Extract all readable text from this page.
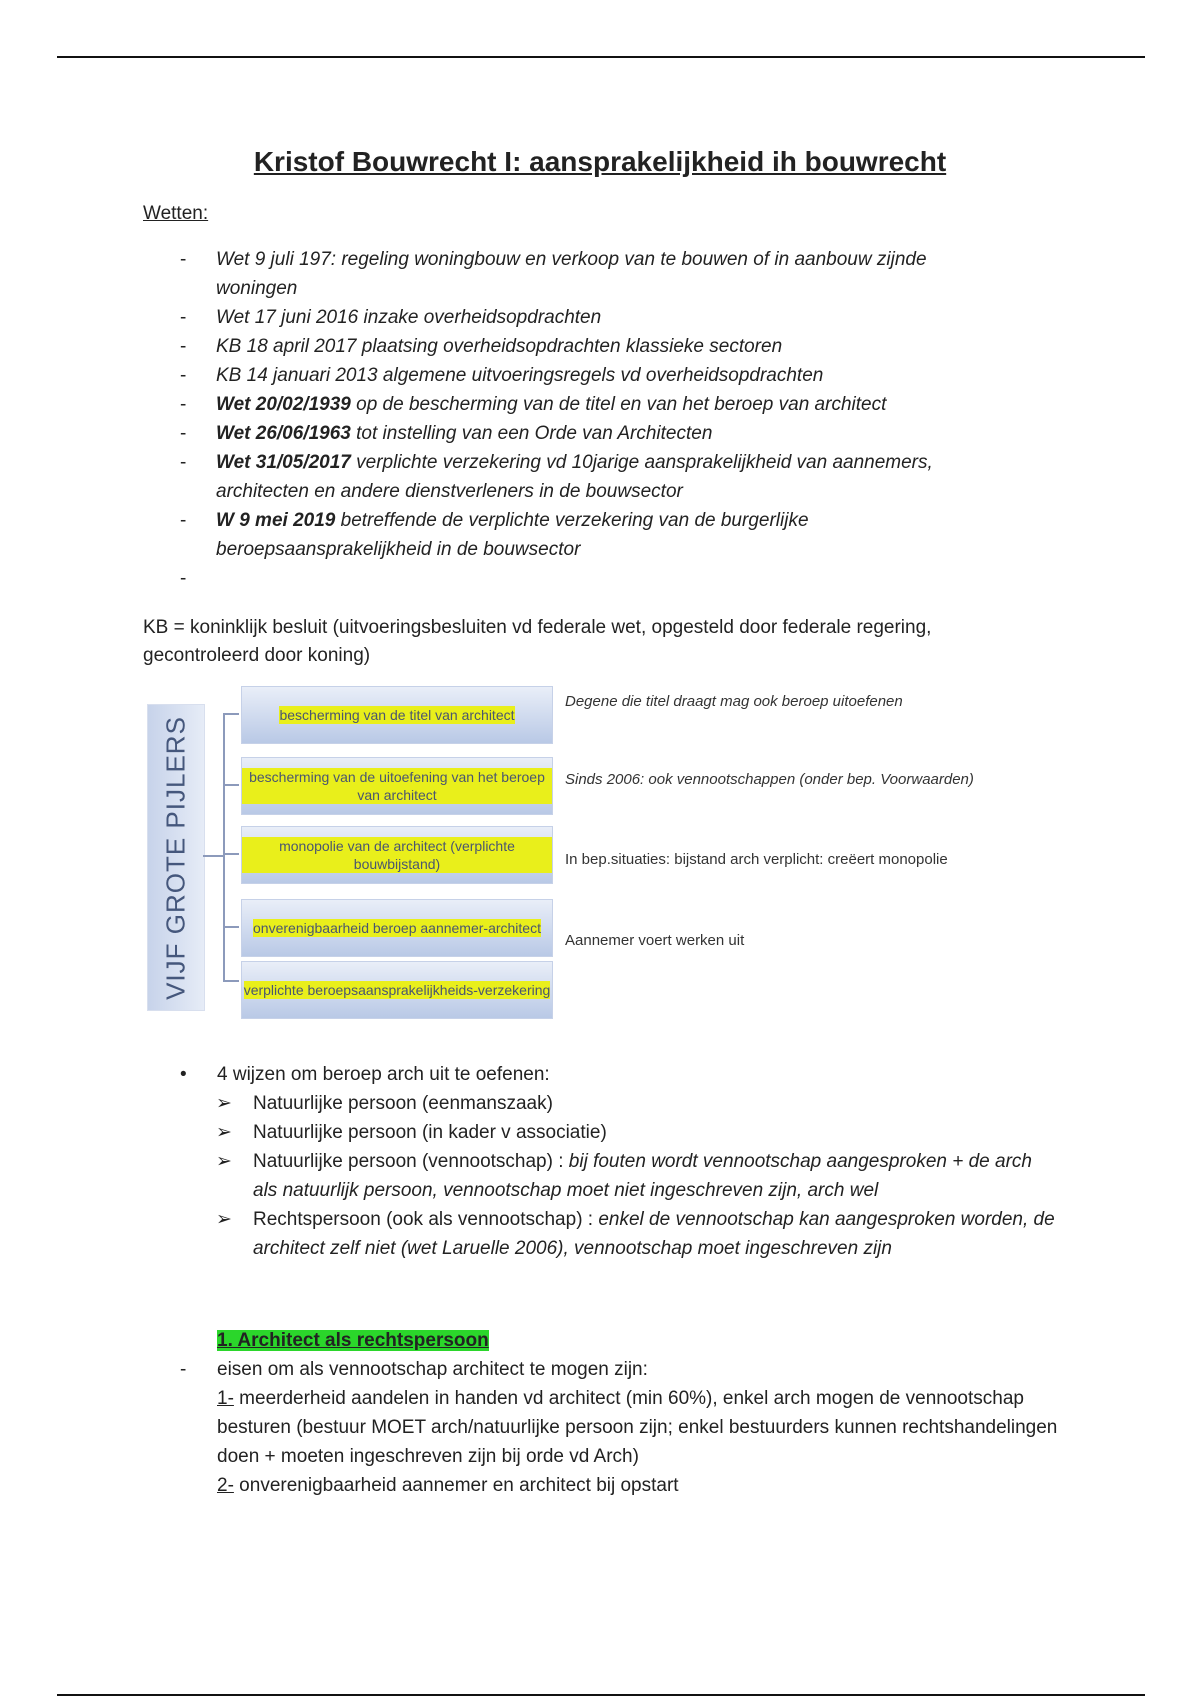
Kristof Bouwrecht I: aansprakelijkheid ih bouwrecht
Wetten:
- Wet 9 juli 197: regeling woningbouw en verkoop van te bouwen of in aanbouw zijnde woningen
- Wet 17 juni 2016 inzake overheidsopdrachten
- KB 18 april 2017 plaatsing overheidsopdrachten klassieke sectoren
- KB 14 januari 2013 algemene uitvoeringsregels vd overheidsopdrachten
- Wet 20/02/1939 op de bescherming van de titel en van het beroep van architect
- Wet 26/06/1963 tot instelling van een Orde van Architecten
- Wet 31/05/2017 verplichte verzekering vd 10jarige aansprakelijkheid van aannemers, architecten en andere dienstverleners in de bouwsector
- W 9 mei 2019 betreffende de verplichte verzekering van de burgerlijke beroepsaansprakelijkheid in de bouwsector
-
KB = koninklijk besluit (uitvoeringsbesluiten vd federale wet, opgesteld door federale regering, gecontroleerd door koning)
VIJF GROTE PIJLERS
bescherming van de titel van architect
Degene die titel draagt mag ook beroep uitoefenen
bescherming van de uitoefening van het beroep van architect
Sinds 2006: ook vennootschappen (onder bep. Voorwaarden)
monopolie van de architect (verplichte bouwbijstand)	In bep.situaties: bijstand arch verplicht: creëert monopolie
onverenigbaarheid beroep aannemer-architect
Aannemer voert werken uit
verplichte beroepsaansprakelijkheids-verzekering
• 4 wijzen om beroep arch uit te oefenen:
➢ Natuurlijke persoon (eenmanszaak)
➢ Natuurlijke persoon (in kader v associatie)
➢ Natuurlijke persoon (vennootschap) : bij fouten wordt vennootschap aangesproken + de arch als natuurlijk persoon, vennootschap moet niet ingeschreven zijn, arch wel
➢ Rechtspersoon (ook als vennootschap) : enkel de vennootschap kan aangesproken worden, de architect zelf niet (wet Laruelle 2006), vennootschap moet ingeschreven zijn
1. Architect als rechtspersoon
- eisen om als vennootschap architect te mogen zijn:
1- meerderheid aandelen in handen vd architect (min 60%), enkel arch mogen de vennootschap besturen (bestuur MOET arch/natuurlijke persoon zijn; enkel bestuurders kunnen rechtshandelingen doen + moeten ingeschreven zijn bij orde vd Arch)
2- onverenigbaarheid aannemer en architect bij opstart
